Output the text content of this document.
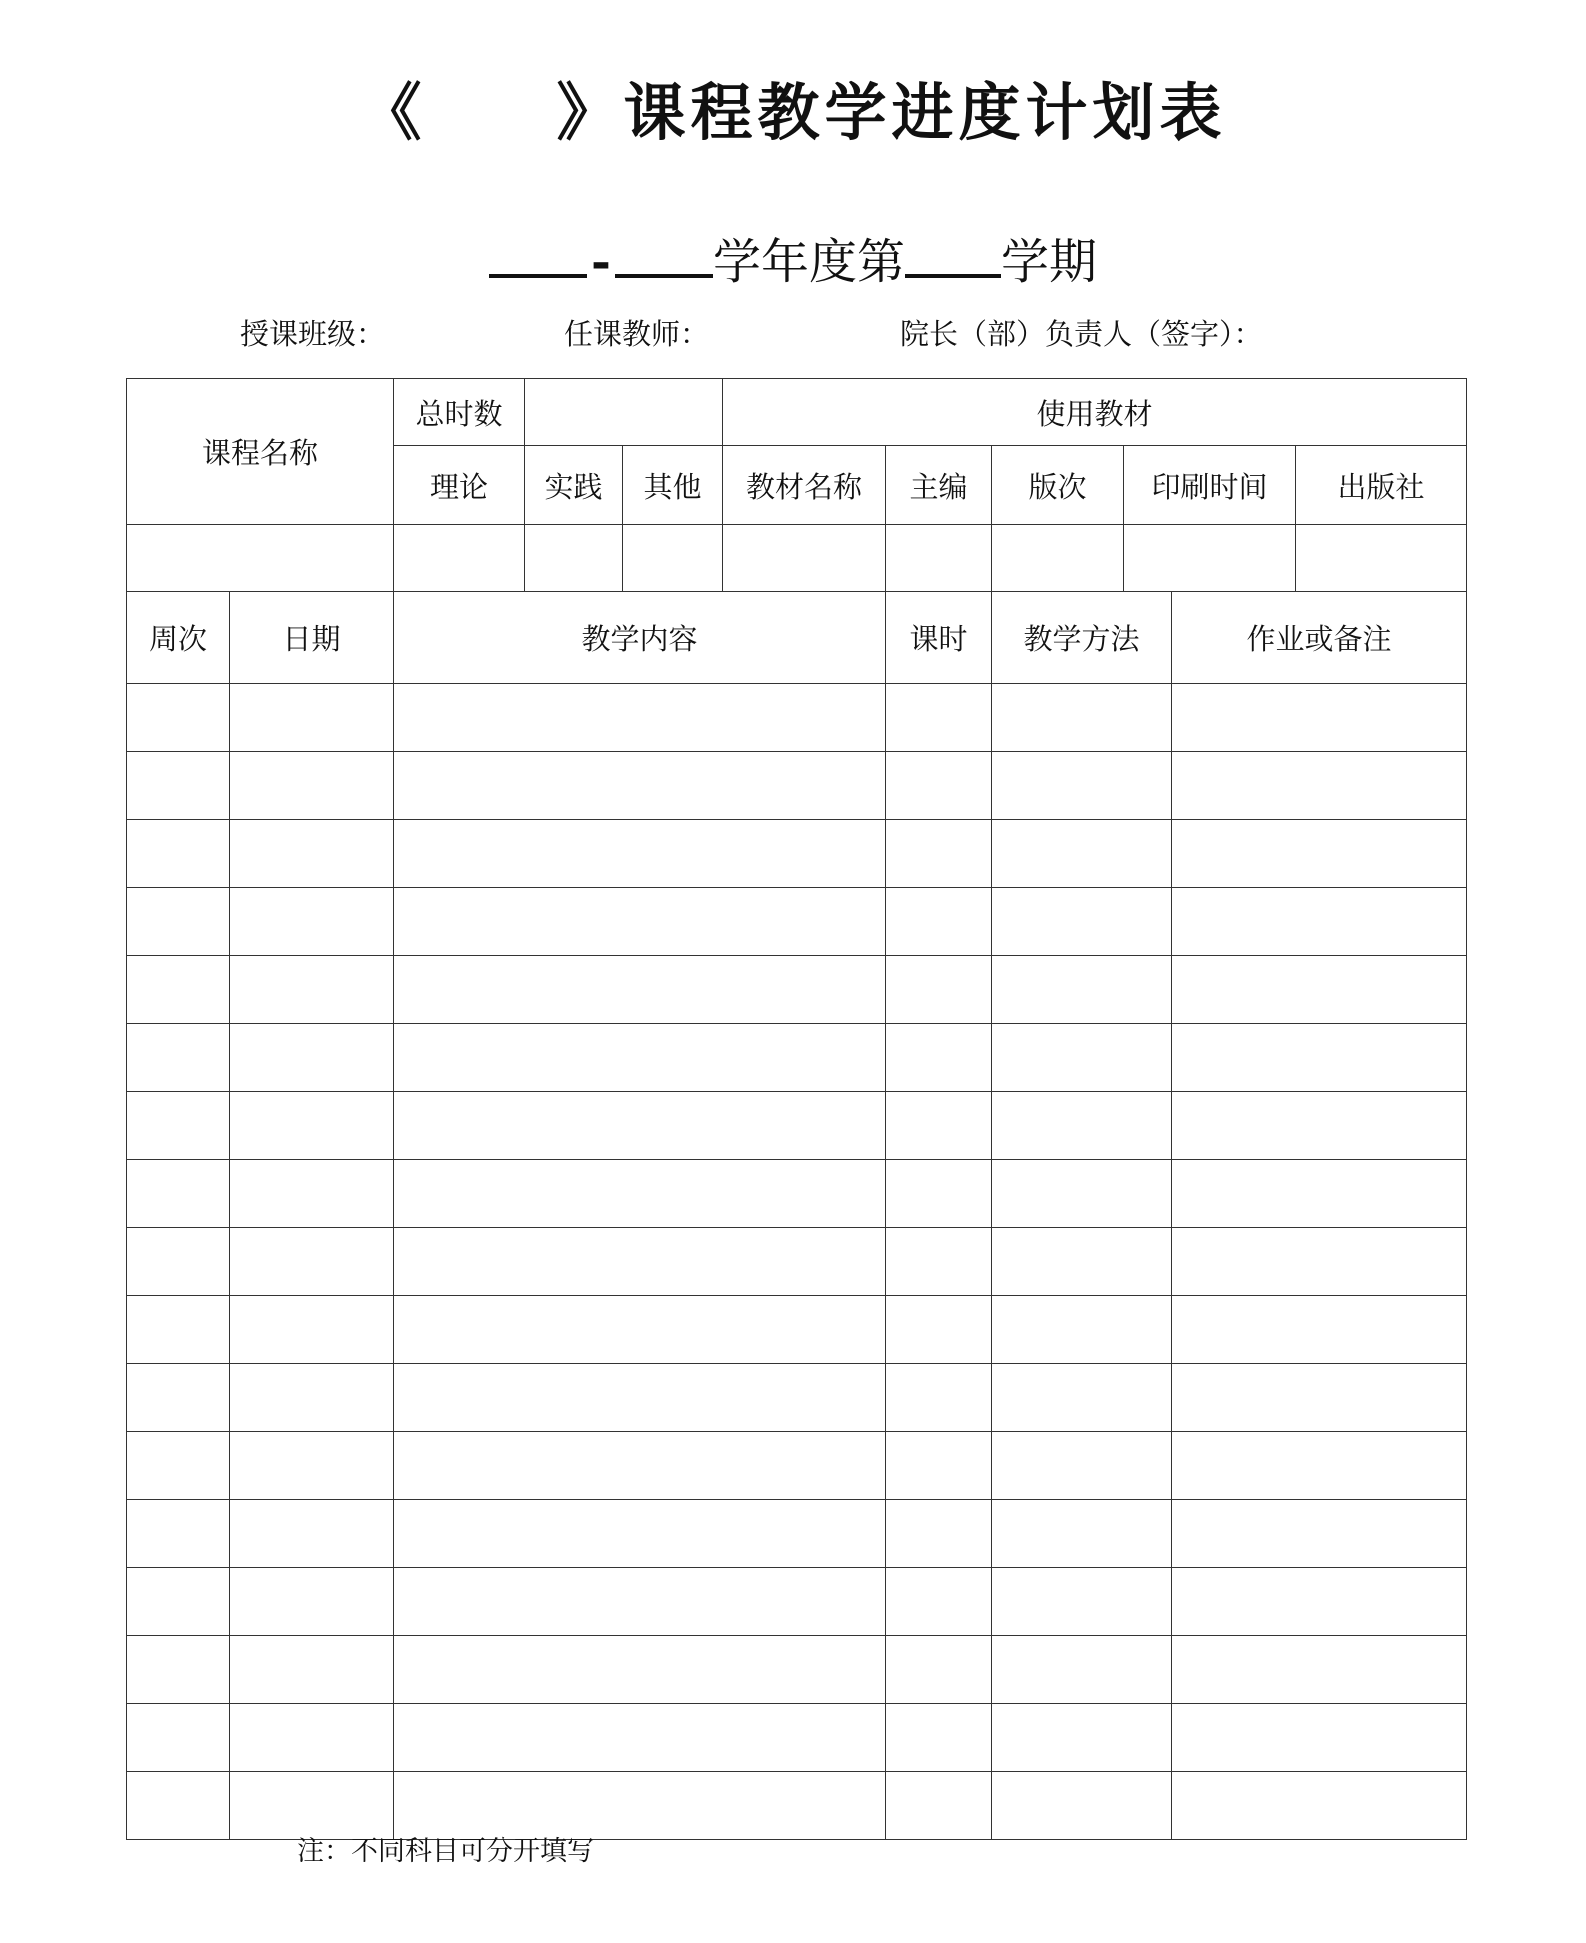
《 》课程教学进度计划表
- 学年度第 学期
授课班级：	任课教师：	院长（部）负责人（签字）：
课程名称		总时数			使用教材					
		理论	实践	其他	教材名称	主编	版次	印刷时间		出版社

周次	日期	教学内容				课时	教学方法		作业或备注	

注：不同科目可分开填写
